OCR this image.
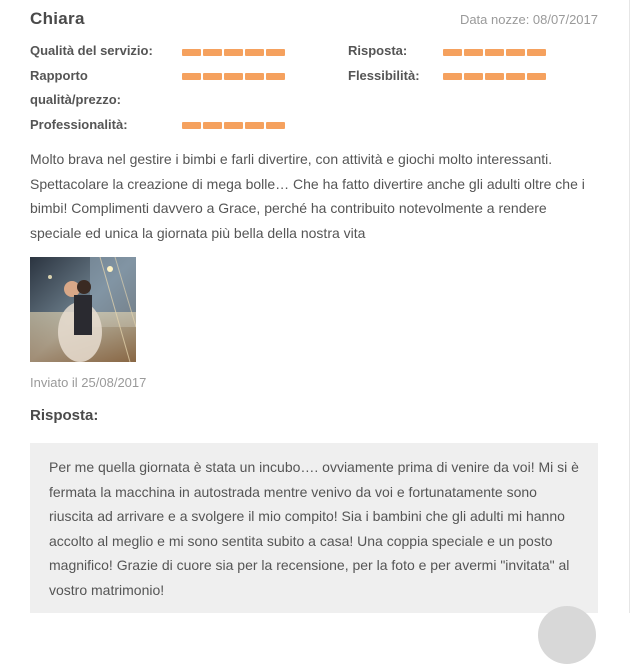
Chiara	Data nozze: 08/07/2017
Qualità del servizio:
Rapporto qualità/prezzo:
Professionalità:
Risposta:
Flessibilità:
Molto brava nel gestire i bimbi e farli divertire, con attività e giochi molto interessanti. Spettacolare la creazione di mega bolle… Che ha fatto divertire anche gli adulti oltre che i bimbi! Complimenti davvero a Grace, perché ha contribuito notevolmente a rendere speciale ed unica la giornata più bella della nostra vita
Inviato il 25/08/2017
Risposta:
Per me quella giornata è stata un incubo…. ovviamente prima di venire da voi! Mi si è fermata la macchina in autostrada mentre venivo da voi e fortunatamente sono riuscita ad arrivare e a svolgere il mio compito! Sia i bambini che gli adulti mi hanno accolto al meglio e mi sono sentita subito a casa! Una coppia speciale e un posto magnifico! Grazie di cuore sia per la recensione, per la foto e per avermi "invitata" al vostro matrimonio!
